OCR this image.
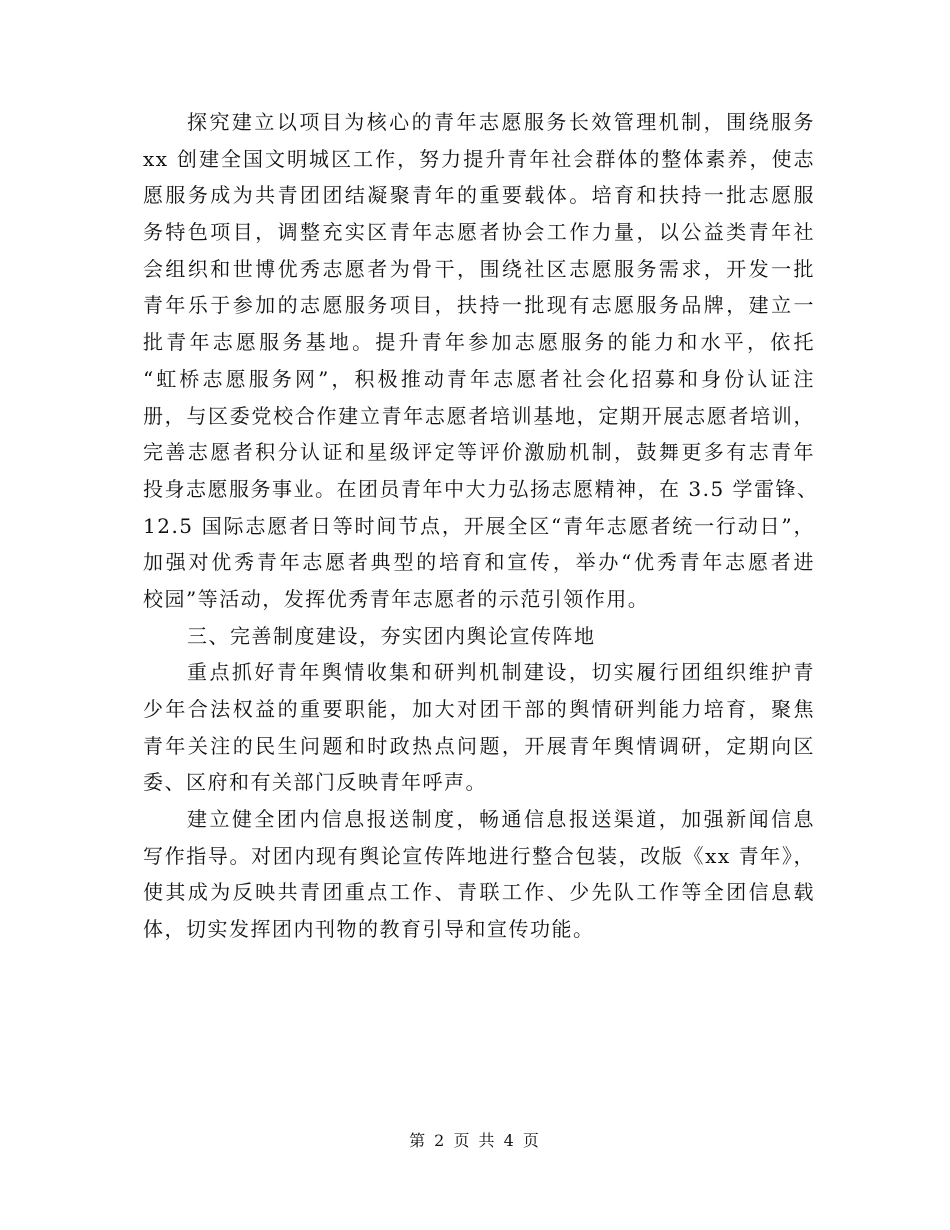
探究建立以项目为核心的青年志愿服务长效管理机制，围绕服务
xx 创建全国文明城区工作，努力提升青年社会群体的整体素养，使志
愿服务成为共青团团结凝聚青年的重要载体。培育和扶持一批志愿服
务特色项目，调整充实区青年志愿者协会工作力量，以公益类青年社
会组织和世博优秀志愿者为骨干，围绕社区志愿服务需求，开发一批
青年乐于参加的志愿服务项目，扶持一批现有志愿服务品牌，建立一
批青年志愿服务基地。提升青年参加志愿服务的能力和水平，依托
“虹桥志愿服务网”，积极推动青年志愿者社会化招募和身份认证注
册，与区委党校合作建立青年志愿者培训基地，定期开展志愿者培训，
完善志愿者积分认证和星级评定等评价激励机制，鼓舞更多有志青年
投身志愿服务事业。在团员青年中大力弘扬志愿精神，在 3.5 学雷锋、
12.5 国际志愿者日等时间节点，开展全区“青年志愿者统一行动日”，
加强对优秀青年志愿者典型的培育和宣传，举办“优秀青年志愿者进
校园”等活动，发挥优秀青年志愿者的示范引领作用。

三、完善制度建设，夯实团内舆论宣传阵地

重点抓好青年舆情收集和研判机制建设，切实履行团组织维护青
少年合法权益的重要职能，加大对团干部的舆情研判能力培育，聚焦
青年关注的民生问题和时政热点问题，开展青年舆情调研，定期向区
委、区府和有关部门反映青年呼声。

建立健全团内信息报送制度，畅通信息报送渠道，加强新闻信息
写作指导。对团内现有舆论宣传阵地进行整合包装，改版《xx 青年》，
使其成为反映共青团重点工作、青联工作、少先队工作等全团信息载
体，切实发挥团内刊物的教育引导和宣传功能。

第 2 页 共 4 页
